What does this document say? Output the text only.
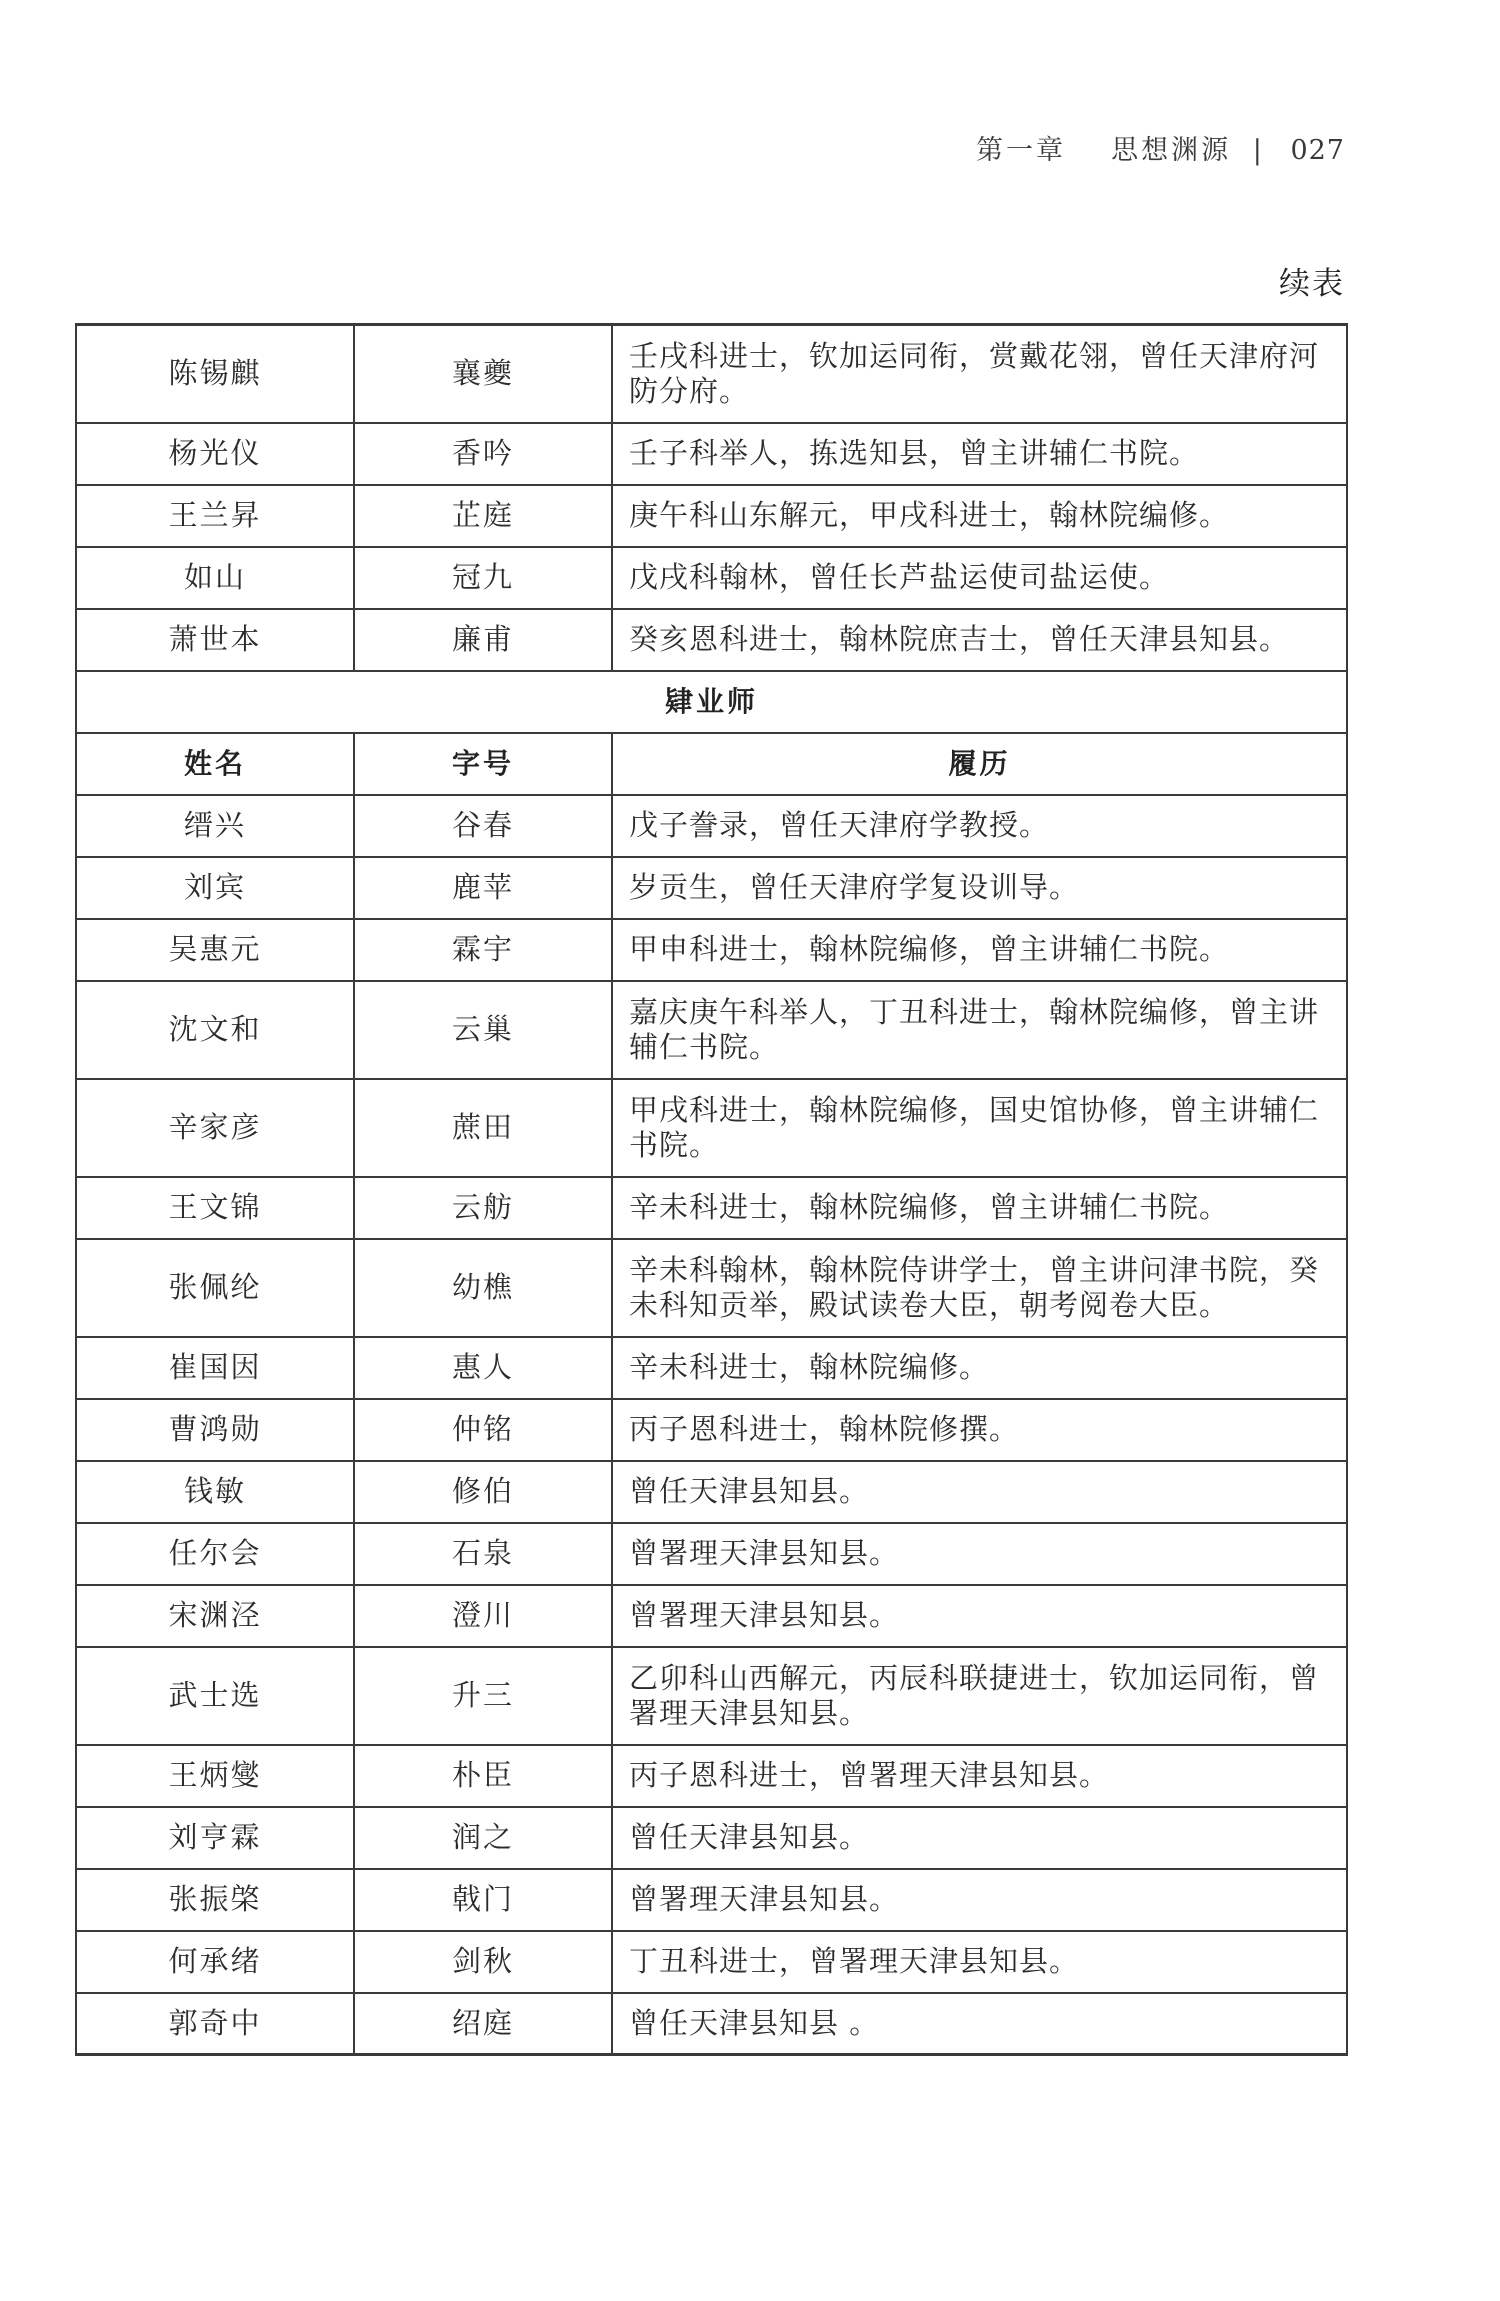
第一章 思想渊源 | 027
续表
陈锡麒	襄夔	壬戌科进士，钦加运同衔，赏戴花翎，曾任天津府河防分府。
杨光仪	香吟	壬子科举人，拣选知县，曾主讲辅仁书院。
王兰昇	芷庭	庚午科山东解元，甲戌科进士，翰林院编修。
如山	冠九	戊戌科翰林，曾任长芦盐运使司盐运使。
萧世本	廉甫	癸亥恩科进士，翰林院庶吉士，曾任天津县知县。
肄业师		
姓名	字号	履历
缙兴	谷春	戊子誊录，曾任天津府学教授。
刘宾	鹿苹	岁贡生，曾任天津府学复设训导。
吴惠元	霖宇	甲申科进士，翰林院编修，曾主讲辅仁书院。
沈文和	云巢	嘉庆庚午科举人，丁丑科进士，翰林院编修，曾主讲辅仁书院。
辛家彦	蔗田	甲戌科进士，翰林院编修，国史馆协修，曾主讲辅仁书院。
王文锦	云舫	辛未科进士，翰林院编修，曾主讲辅仁书院。
张佩纶	幼樵	辛未科翰林，翰林院侍讲学士，曾主讲问津书院，癸未科知贡举，殿试读卷大臣，朝考阅卷大臣。
崔国因	惠人	辛未科进士，翰林院编修。
曹鸿勋	仲铭	丙子恩科进士，翰林院修撰。
钱敏	修伯	曾任天津县知县。
任尔会	石泉	曾署理天津县知县。
宋渊泾	澄川	曾署理天津县知县。
武士选	升三	乙卯科山西解元，丙辰科联捷进士，钦加运同衔，曾署理天津县知县。
王炳燮	朴臣	丙子恩科进士，曾署理天津县知县。
刘亨霖	润之	曾任天津县知县。
张振棨	戟门	曾署理天津县知县。
何承绪	剑秋	丁丑科进士，曾署理天津县知县。
郭奇中	绍庭	曾任天津县知县 。
